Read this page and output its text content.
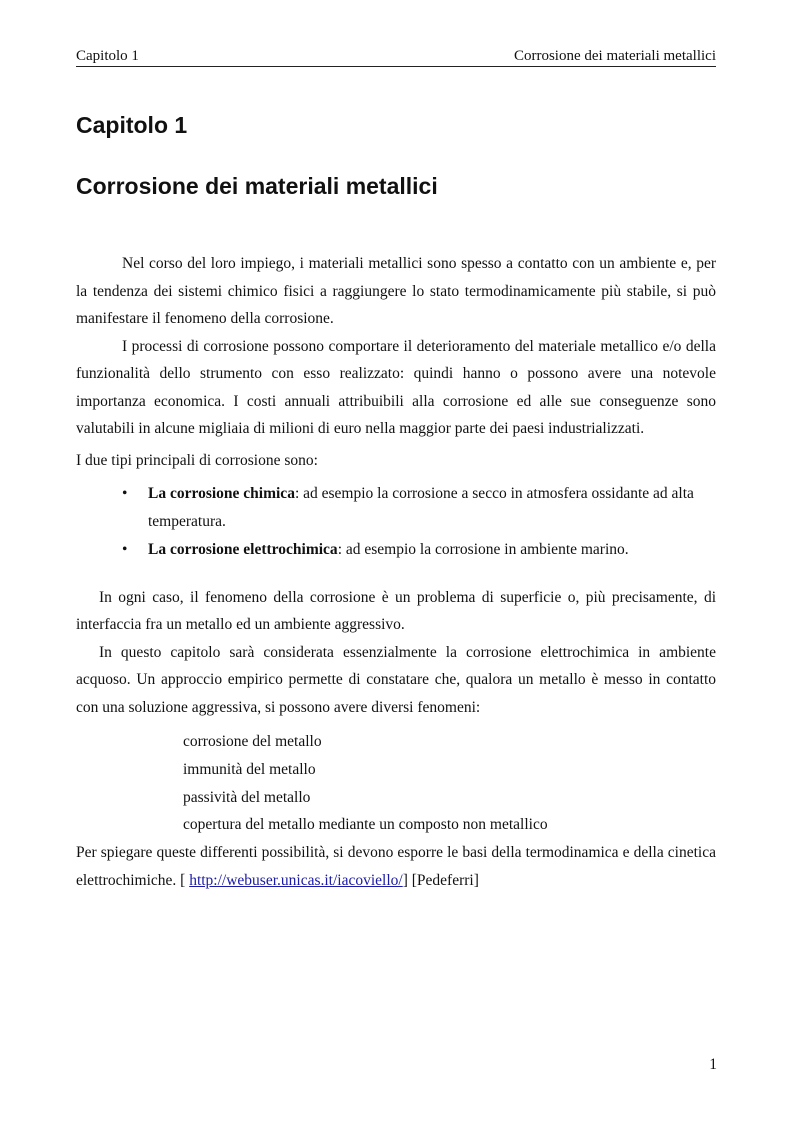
Capitolo 1	Corrosione dei materiali metallici
Capitolo 1
Corrosione dei materiali metallici

Nel corso del loro impiego, i materiali metallici sono spesso a contatto con un ambiente e, per la tendenza dei sistemi chimico fisici a raggiungere lo stato termodinamicamente più stabile, si può manifestare il fenomeno della corrosione.

I processi di corrosione possono comportare il deterioramento del materiale metallico e/o della funzionalità dello strumento con esso realizzato: quindi hanno o possono avere una notevole importanza economica. I costi annuali attribuibili alla corrosione ed alle sue conseguenze sono valutabili in alcune migliaia di milioni di euro nella maggior parte dei paesi industrializzati.

I due tipi principali di corrosione sono:

• La corrosione chimica: ad esempio la corrosione a secco in atmosfera ossidante ad alta temperatura.
• La corrosione elettrochimica: ad esempio la corrosione in ambiente marino.

In ogni caso, il fenomeno della corrosione è un problema di superficie o, più precisamente, di interfaccia fra un metallo ed un ambiente aggressivo.

In questo capitolo sarà considerata essenzialmente la corrosione elettrochimica in ambiente acquoso. Un approccio empirico permette di constatare che, qualora un metallo è messo in contatto con una soluzione aggressiva, si possono avere diversi fenomeni:

corrosione del metallo
immunità del metallo
passività del metallo
copertura del metallo mediante un composto non metallico

Per spiegare queste differenti possibilità, si devono esporre le basi della termodinamica e della cinetica elettrochimiche. [ http://webuser.unicas.it/iacoviello/] [Pedeferri]

1
